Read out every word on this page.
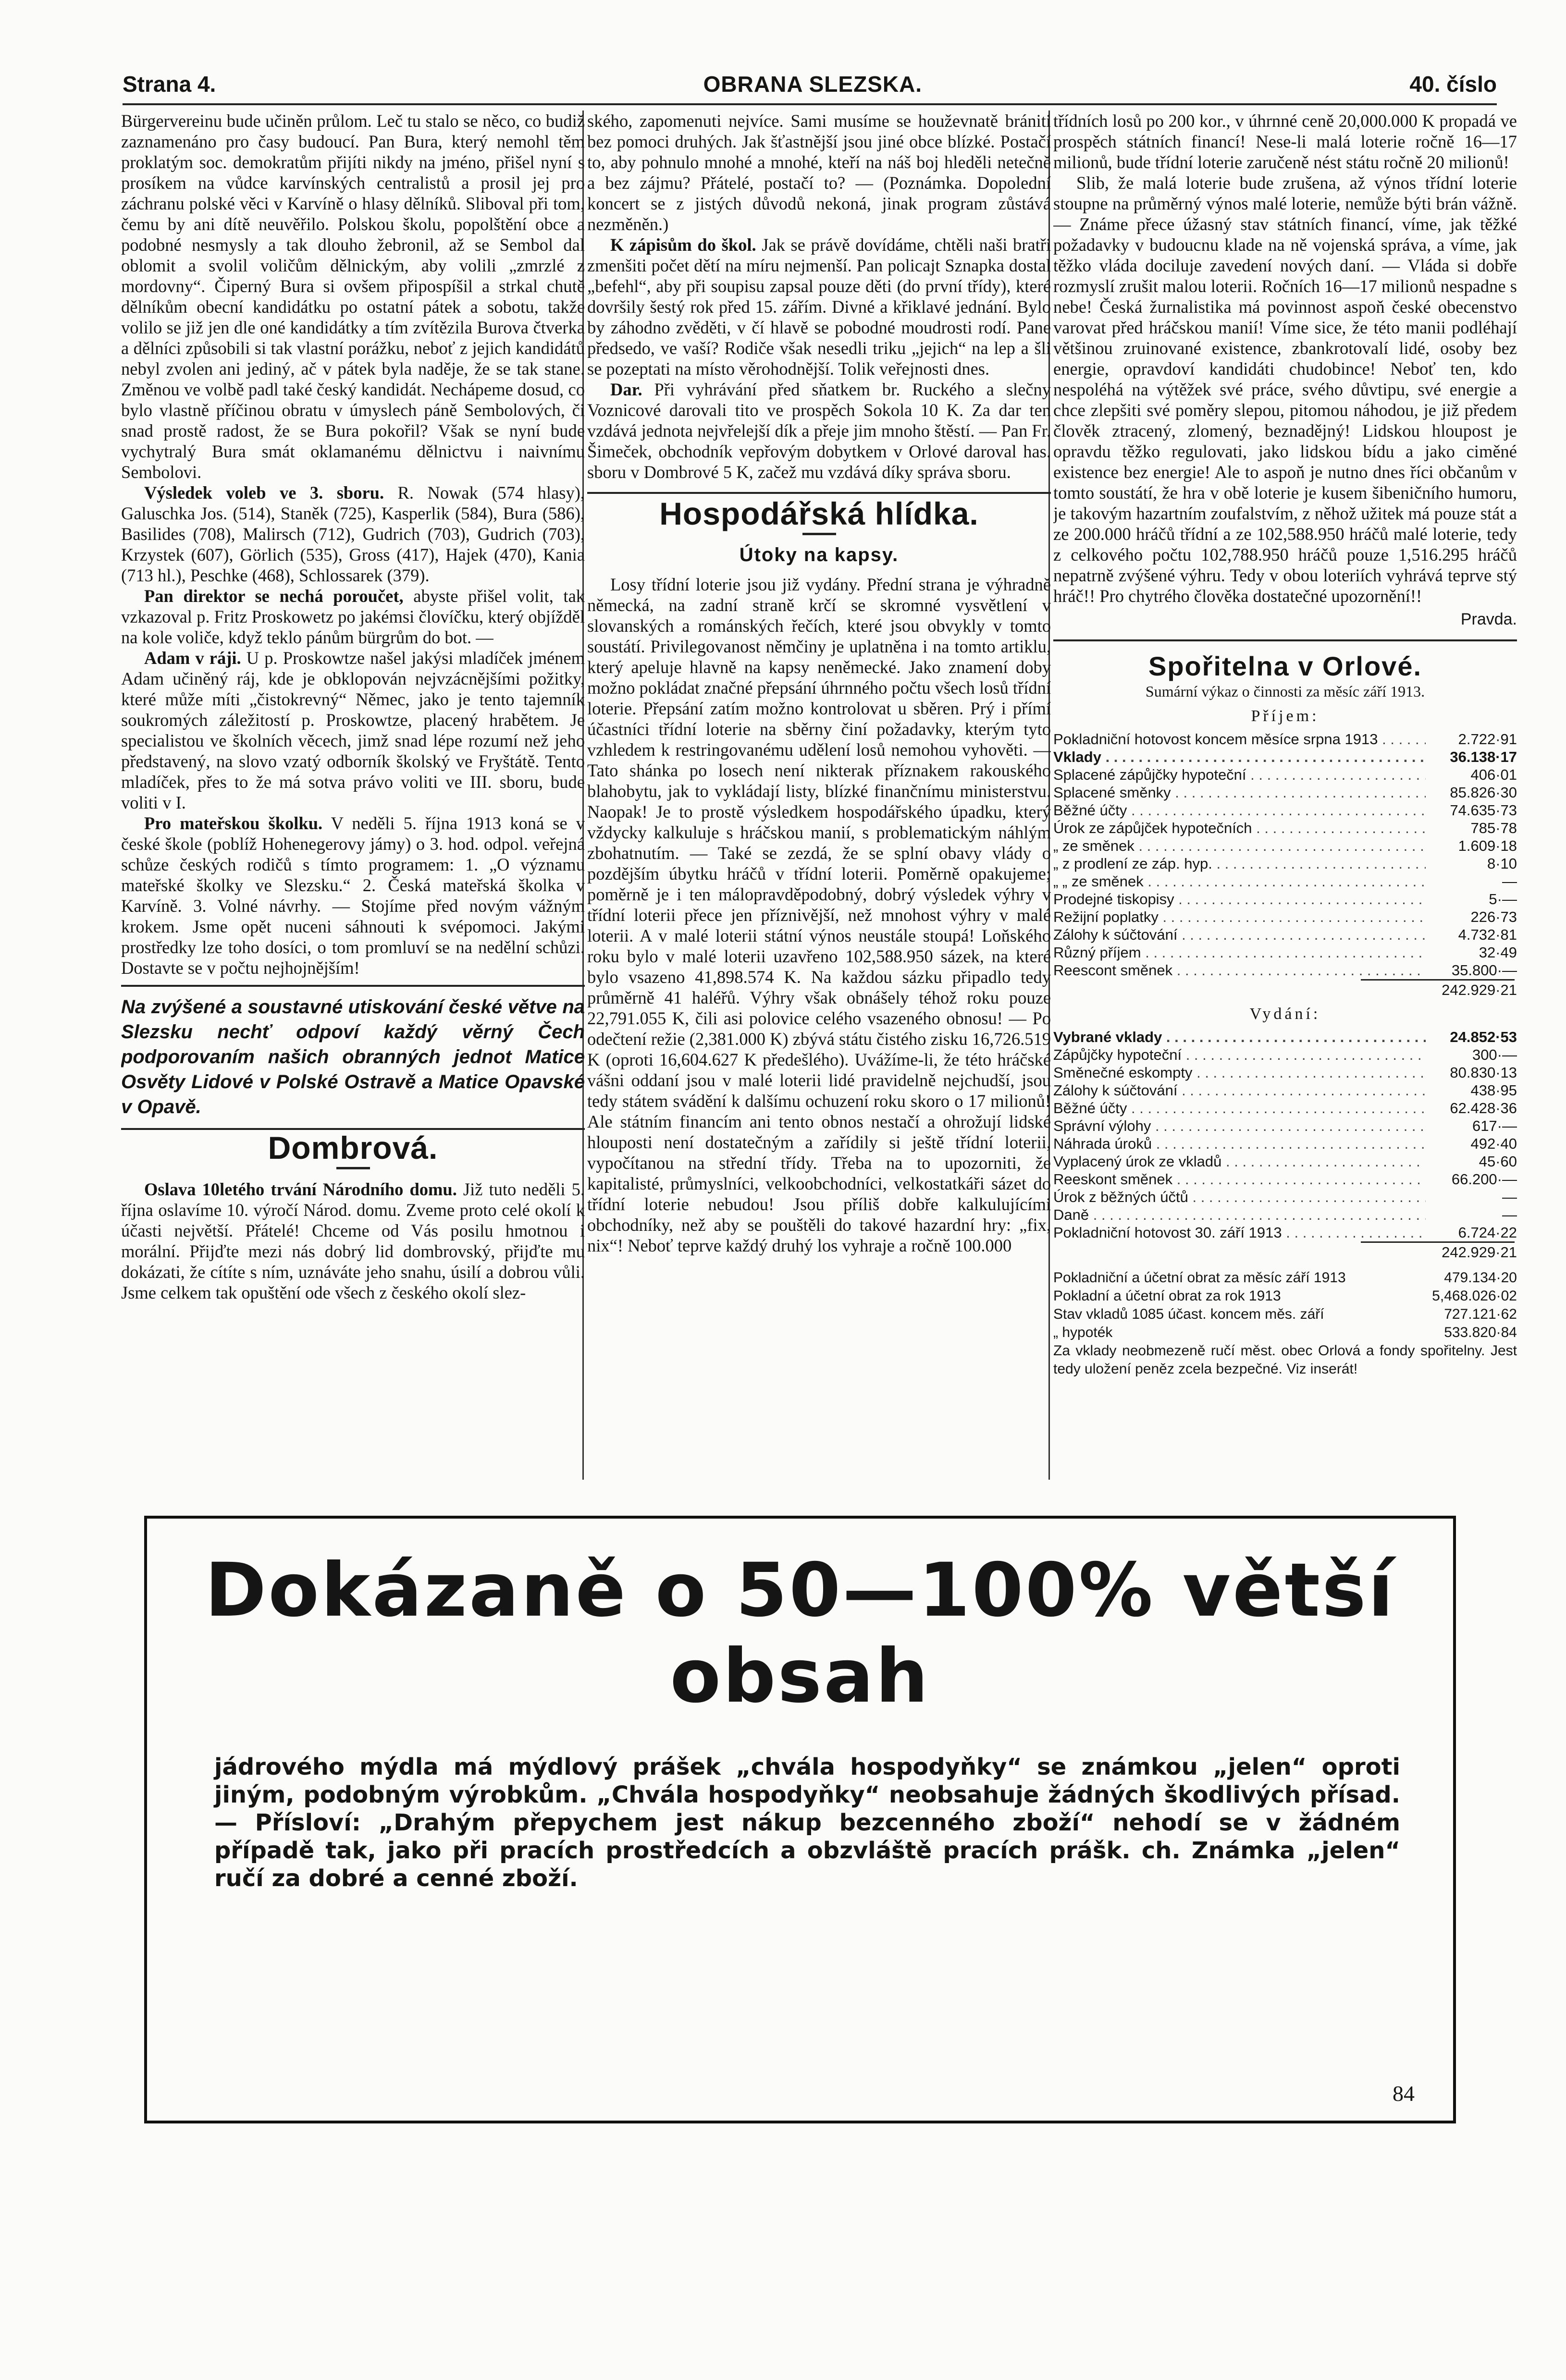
Strana 4.	OBRANA SLEZSKA.	40. číslo

Bürgervereinu bude učiněn průlom. Leč tu stalo se něco, co budiž zaznamenáno pro časy budoucí. Pan Bura, který nemohl těm proklatým soc. demokratům přijíti nikdy na jméno, přišel nyní s prosíkem na vůdce karvínských centralistů a prosil jej pro záchranu polské věci v Karvíně o hlasy dělníků. Sliboval při tom, čemu by ani dítě neuvěřilo. Polskou školu, popolštění obce a podobné nesmysly a tak dlouho žebronil, až se Sembol dal oblomit a svolil voličům dělnickým, aby volili „zmrzlé z mordovny“. Čiperný Bura si ovšem připospíšil a strkal chutě dělníkům obecní kandidátku po ostatní pátek a sobotu, takže volilo se již jen dle oné kandidátky a tím zvítězila Burova čtverka a dělníci způsobili si tak vlastní porážku, neboť z jejich kandidátů nebyl zvolen ani jediný, ač v pátek byla naděje, že se tak stane. Změnou ve volbě padl také český kandidát. Nechápeme dosud, co bylo vlastně příčinou obratu v úmyslech páně Sembolových, či snad prostě radost, že se Bura pokořil? Však se nyní bude vychytralý Bura smát oklamanému dělnictvu i naivnímu Sembolovi.

Výsledek voleb ve 3. sboru. R. Nowak (574 hlasy), Galuschka Jos. (514), Staněk (725), Kasperlik (584), Bura (586), Basilides (708), Malirsch (712), Gudrich (703), Gudrich (703), Krzystek (607), Görlich (535), Gross (417), Hajek (470), Kania (713 hl.), Peschke (468), Schlossarek (379).

Pan direktor se nechá poroučet, abyste přišel volit, tak vzkazoval p. Fritz Proskowetz po jakémsi človíčku, který objížděl na kole voliče, když teklo pánům bürgrům do bot. —

Adam v ráji. U p. Proskowtze našel jakýsi mladíček jménem Adam učiněný ráj, kde je obklopován nejvzácnějšími požitky, které může míti „čistokrevný“ Němec, jako je tento tajemník soukromých záležitostí p. Proskowtze, placený hrabětem. Je specialistou ve školních věcech, jimž snad lépe rozumí než jeho představený, na slovo vzatý odborník školský ve Fryštátě. Tento mladíček, přes to že má sotva právo voliti ve III. sboru, bude voliti v I.

Pro mateřskou školku. V neděli 5. října 1913 koná se v české škole (poblíž Hohenegerovy jámy) o 3. hod. odpol. veřejná schůze českých rodičů s tímto programem: 1. „O významu mateřské školky ve Slezsku.“ 2. Česká mateřská školka v Karvíně. 3. Volné návrhy. — Stojíme před novým vážným krokem. Jsme opět nuceni sáhnouti k svépomoci. Jakými prostředky lze toho dosíci, o tom promluví se na nedělní schůzi. Dostavte se v počtu nejhojnějším!

Na zvýšené a soustavné utiskování české větve na Slezsku nechť odpoví každý věrný Čech podporovaním našich obranných jednot Matice Osvěty Lidové v Polské Ostravě a Matice Opavské v Opavě.
Dombrová.

Oslava 10letého trvání Národního domu. Již tuto neděli 5. října oslavíme 10. výročí Národ. domu. Zveme proto celé okolí k účasti největší. Přátelé! Chceme od Vás posilu hmotnou i morální. Přijďte mezi nás dobrý lid dombrovský, přijďte mu dokázati, že cítíte s ním, uznáváte jeho snahu, úsilí a dobrou vůli. Jsme celkem tak opuštění ode všech z českého okolí slez-

ského, zapomenuti nejvíce. Sami musíme se houževnatě brániti bez pomoci druhých. Jak šťastnější jsou jiné obce blízké. Postačí to, aby pohnulo mnohé a mnohé, kteří na náš boj hleděli netečně a bez zájmu? Přátelé, postačí to? — (Poznámka. Dopolední koncert se z jistých důvodů nekoná, jinak program zůstává nezměněn.)

K zápisům do škol. Jak se právě dovídáme, chtěli naši bratři zmenšiti počet dětí na míru nejmenší. Pan policajt Sznapka dostal „befehl“, aby při soupisu zapsal pouze děti (do první třídy), které dovršily šestý rok před 15. zářím. Divné a křiklavé jednání. Bylo by záhodno zvěděti, v čí hlavě se pobodné moudrosti rodí. Pane předsedo, ve vaší? Rodiče však nesedli triku „jejich“ na lep a šli se pozeptati na místo věrohodnější. Tolik veřejnosti dnes.

Dar. Při vyhrávání před sňatkem br. Ruckého a slečny Voznicové darovali tito ve prospěch Sokola 10 K. Za dar ten vzdává jednota nejvřelejší dík a přeje jim mnoho štěstí. — Pan Fr. Šimeček, obchodník vepřovým dobytkem v Orlové daroval has. sboru v Dombrové 5 K, začež mu vzdává díky správa sboru.

Hospodářská hlídka.
Útoky na kapsy.

Losy třídní loterie jsou již vydány. Přední strana je výhradně německá, na zadní straně krčí se skromné vysvětlení v slovanských a románských řečích, které jsou obvykly v tomto soustátí. Privilegovanost němčiny je uplatněna i na tomto artiklu, který apeluje hlavně na kapsy neněmecké. Jako znamení doby možno pokládat značné přepsání úhrnného počtu všech losů třídní loterie. Přepsání zatím možno kontrolovat u sběren. Prý i přímí účastníci třídní loterie na sběrny činí požadavky, kterým tyto vzhledem k restringovanému udělení losů nemohou vyhověti. — Tato shánka po losech není nikterak příznakem rakouského blahobytu, jak to vykládají listy, blízké finančnímu ministerstvu. Naopak! Je to prostě výsledkem hospodářského úpadku, který vždycky kalkuluje s hráčskou manií, s problematickým náhlým zbohatnutím. — Také se zezdá, že se splní obavy vlády o pozdějším úbytku hráčů v třídní loterii. Poměrně opakujeme; poměrně je i ten málopravděpodobný, dobrý výsledek výhry v třídní loterii přece jen příznivější, než mnohost výhry v malé loterii. A v malé loterii státní výnos neustále stoupá! Loňského roku bylo v malé loterii uzavřeno 102,588.950 sázek, na které bylo vsazeno 41,898.574 K. Na každou sázku připadlo tedy průměrně 41 haléřů. Výhry však obnášely téhož roku pouze 22,791.055 K, čili asi polovice celého vsazeného obnosu! — Po odečtení režie (2,381.000 K) zbývá státu čistého zisku 16,726.519 K (oproti 16,604.627 K předešlého). Uvážíme-li, že této hráčské vášni oddaní jsou v malé loterii lidé pravidelně nejchudší, jsou tedy státem svádění k dalšímu ochuzení roku skoro o 17 milionů! Ale státním financím ani tento obnos nestačí a ohrožují lidské hlouposti není dostatečným a zařídily si ještě třídní loterii, vypočítanou na střední třídy. Třeba na to upozorniti, že kapitalisté, průmyslníci, velkoobchodníci, velkostatkáři sázet do třídní loterie nebudou! Jsou příliš dobře kalkulujícími obchodníky, než aby se pouštěli do takové hazardní hry: „fix, nix“! Neboť teprve každý druhý los vyhraje a ročně 100.000

třídních losů po 200 kor., v úhrnné ceně 20,000.000 K propadá ve prospěch státních financí! Nese-li malá loterie ročně 16—17 milionů, bude třídní loterie zaručeně nést státu ročně 20 milionů!

Slib, že malá loterie bude zrušena, až výnos třídní loterie stoupne na průměrný výnos malé loterie, nemůže býti brán vážně. — Známe přece úžasný stav státních financí, víme, jak těžké požadavky v budoucnu klade na ně vojenská správa, a víme, jak těžko vláda dociluje zavedení nových daní. — Vláda si dobře rozmyslí zrušit malou loterii. Ročních 16—17 milionů nespadne s nebe! Česká žurnalistika má povinnost aspoň české obecenstvo varovat před hráčskou manií! Víme sice, že této manii podléhají většinou zruinované existence, zbankrotovalí lidé, osoby bez energie, opravdoví kandidáti chudobince! Neboť ten, kdo nespoléhá na výtěžek své práce, svého důvtipu, své energie a chce zlepšiti své poměry slepou, pitomou náhodou, je již předem člověk ztracený, zlomený, beznadějný! Lidskou hloupost je opravdu těžko regulovati, jako lidskou bídu a jako ciměné existence bez energie! Ale to aspoň je nutno dnes říci občanům v tomto soustátí, že hra v obě loterie je kusem šibeničního humoru, je takovým hazartním zoufalstvím, z něhož užitek má pouze stát a ze 200.000 hráčů třídní a ze 102,588.950 hráčů malé loterie, tedy z celkového počtu 102,788.950 hráčů pouze 1,516.295 hráčů nepatrně zvýšené výhru. Tedy v obou loteriích vyhrává teprve stý hráč!! Pro chytrého člověka dostatečné upozornění!!

Pravda.
Spořitelna v Orlové.
Sumární výkaz o činnosti za měsíc září 1913.
Příjem:
Pokladniční hotovost koncem měsíce srpna 1913 . . .	2.722·91
Vklady . . .	36.138·17
Splacené zápůjčky hypoteční . . .	406·01
Splacené směnky . . .	85.826·30
Běžné účty . . .	74.635·73
Úrok ze zápůjček hypotečních . . .	785·78
„ ze směnek . . .	1.609·18
„ z prodlení ze záp. hyp. . . .	8·10
„ „ ze směnek . . .	—
Prodejné tiskopisy . . .	5·—
Režijní poplatky . . .	226·73
Zálohy k súčtování . . .	4.732·81
Různý příjem . . .	32·49
Reescont směnek . . .	35.800·—
242.929·21
Vydání:
Vybrané vklady . . .	24.852·53
Zápůjčky hypoteční . . .	300·—
Směnečné eskompty . . .	80.830·13
Zálohy k súčtování . . .	438·95
Běžné účty . . .	62.428·36
Správní výlohy . . .	617·—
Náhrada úroků . . .	492·40
Vyplacený úrok ze vkladů . . .	45·60
Reeskont směnek . . .	66.200·—
Úrok z běžných účtů . . .	—
Daně . . .	—
Pokladniční hotovost 30. září 1913 . . .	6.724·22
242.929·21
Pokladniční a účetní obrat za měsíc září 1913	479.134·20
Pokladní a účetní obrat za rok 1913	5,468.026·02
Stav vkladů 1085 účast. koncem měs. září	727.121·62
„ hypoték	533.820·84
Za vklady neobmezeně ručí měst. obec Orlová a fondy spořitelny. Jest tedy uložení peněz zcela bezpečné. Viz inserát!
Dokázaně o 50—100% větší obsah
jádrového mýdla má mýdlový prášek „chvála hospodyňky“ se známkou „jelen“ oproti jiným, podobným výrobkům. „Chvála hospodyňky“ neobsahuje žádných škodlivých přísad. — Přísloví: „Drahým přepychem jest nákup bezcenného zboží“ nehodí se v žádném případě tak, jako při pracích prostředcích a obzvláště pracích prášk. ch. Známka „jelen“ ručí za dobré a cenné zboží.
84
